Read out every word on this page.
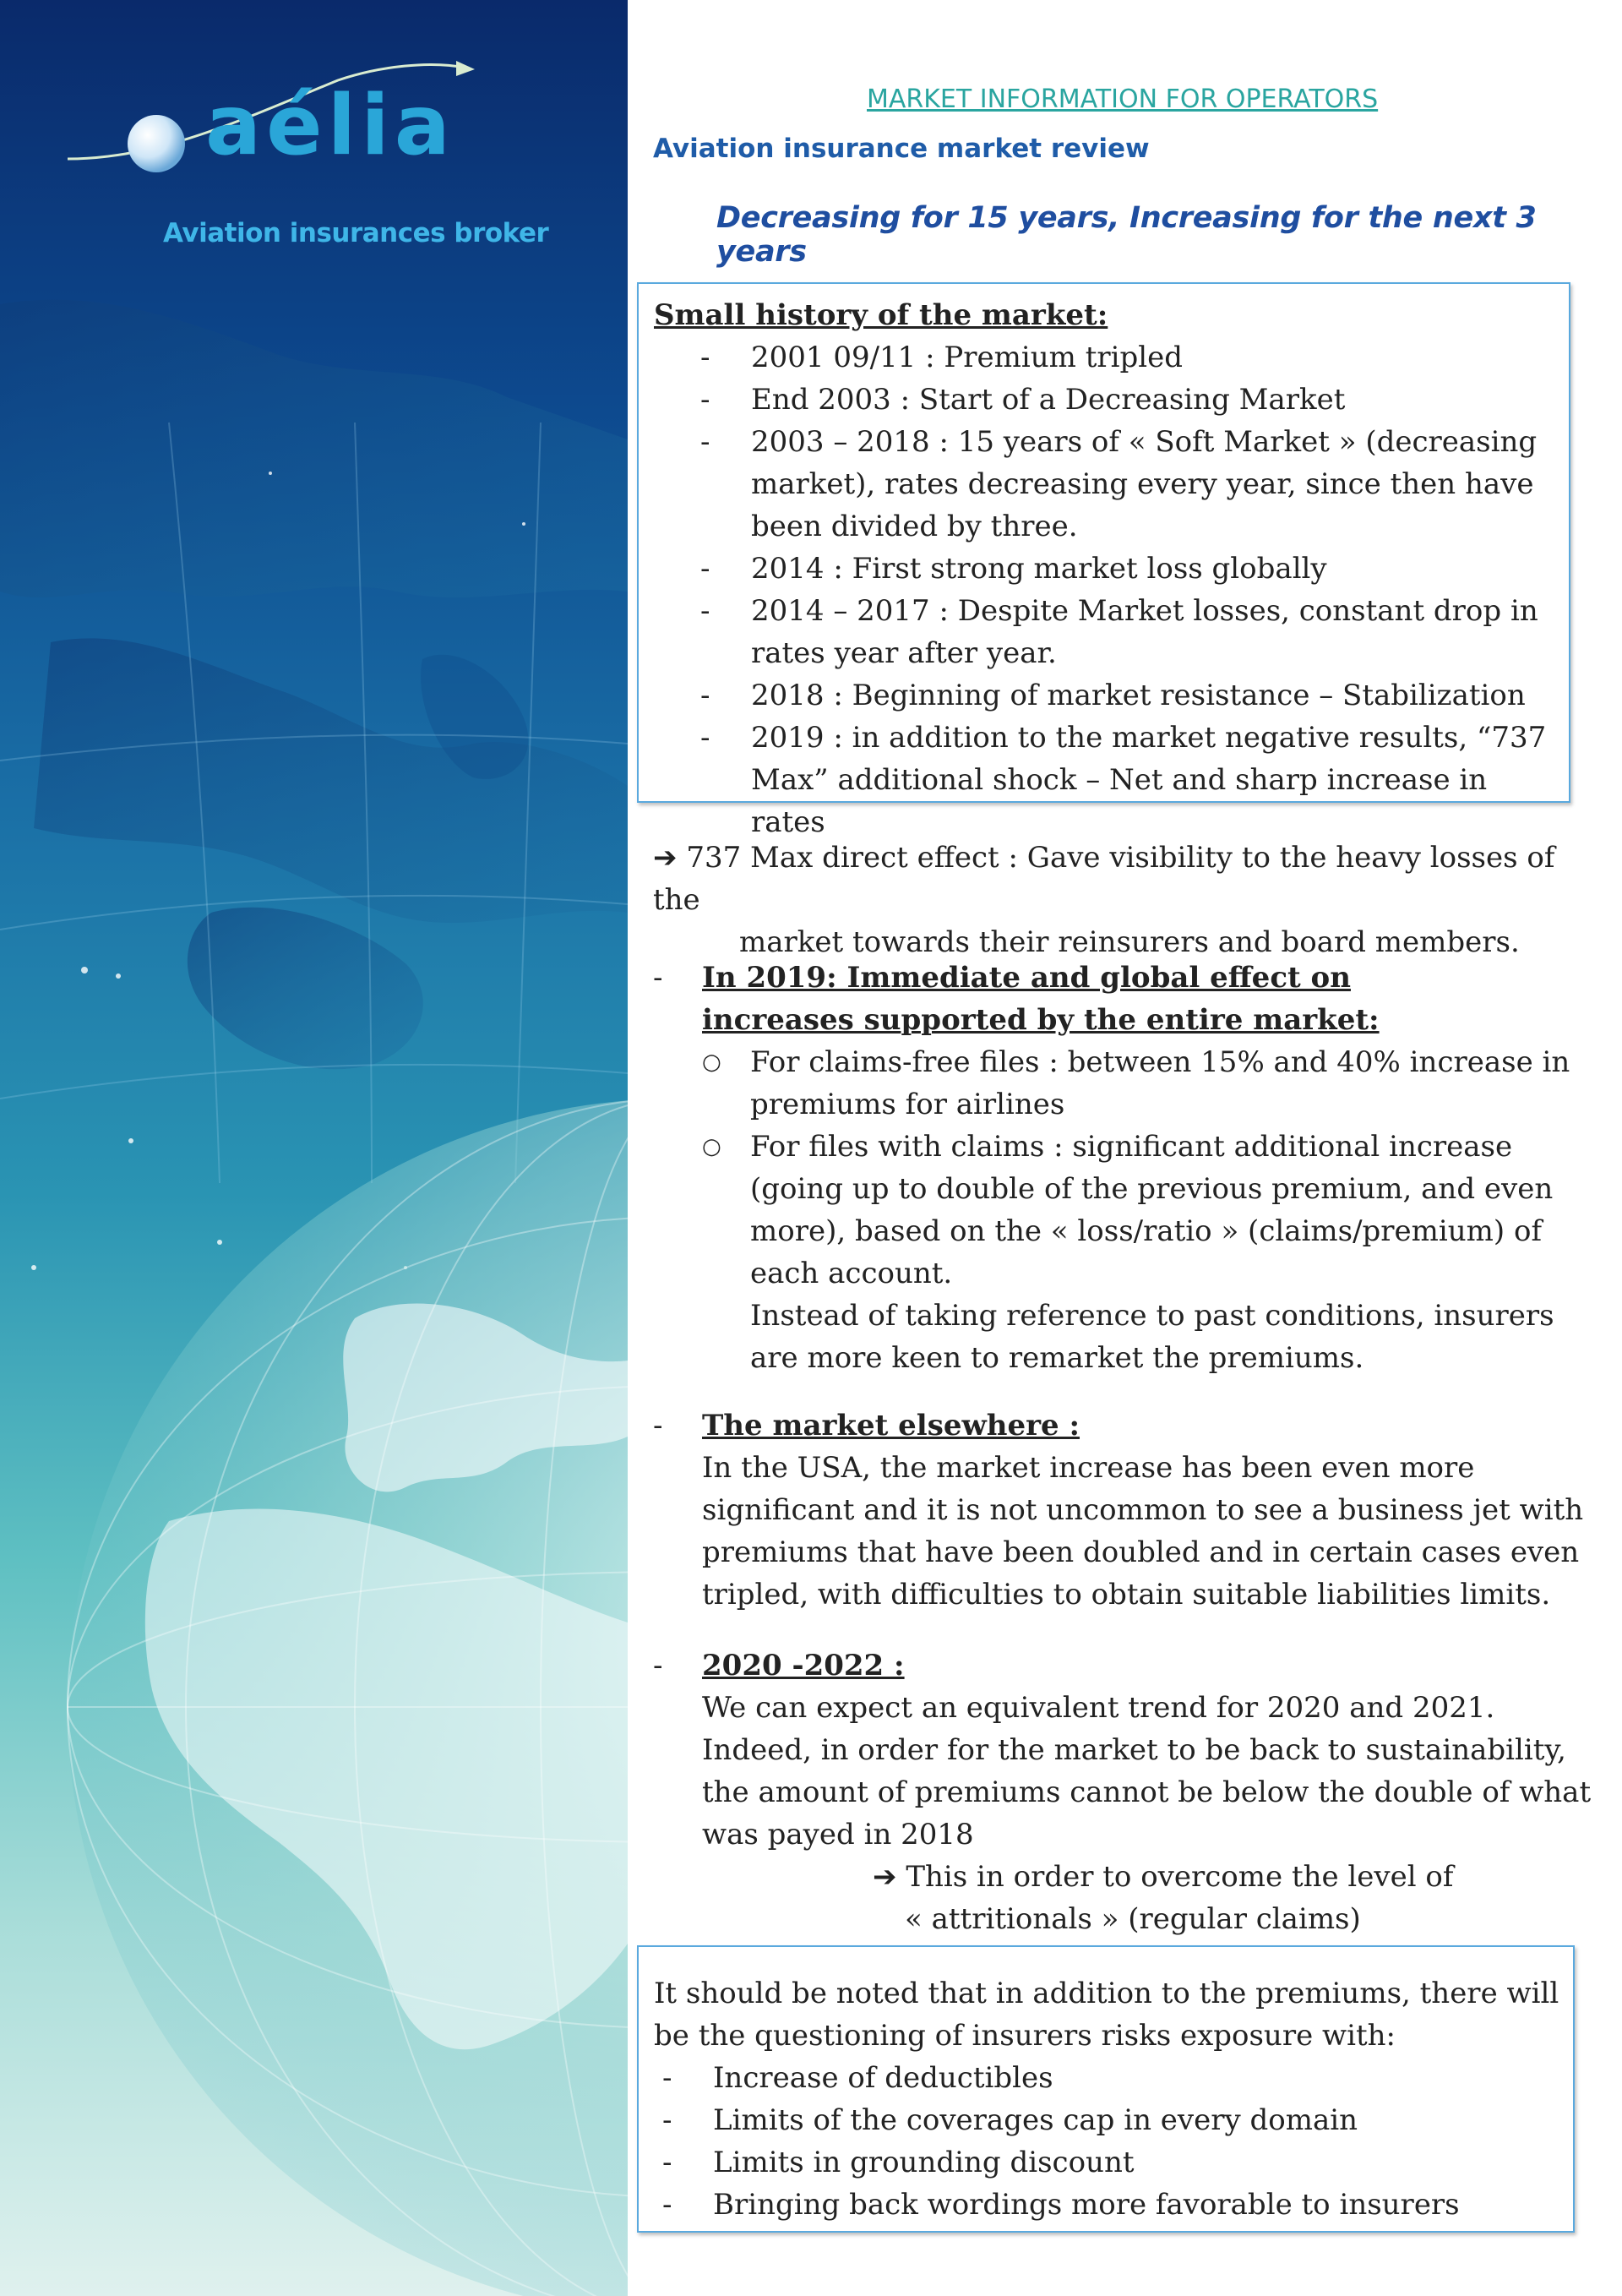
aélia
Aviation insurances broker
MARKET INFORMATION FOR OPERATORS
Aviation insurance market review
Decreasing for 15 years, Increasing for the next 3 years
Small history of the market:
- 2001 09/11 : Premium tripled
- End 2003 : Start of a Decreasing Market
- 2003 – 2018 : 15 years of « Soft Market » (decreasing market), rates decreasing every year, since then have been divided by three.
- 2014 : First strong market loss globally
- 2014 – 2017 : Despite Market losses, constant drop in rates year after year.
- 2018 : Beginning of market resistance – Stabilization
- 2019 : in addition to the market negative results, “737 Max” additional shock – Net and sharp increase in rates
➔ 737 Max direct effect : Gave visibility to the heavy losses of the
market towards their reinsurers and board members.
- In 2019: Immediate and global effect on increases supported by the entire market:
○ For claims-free files : between 15% and 40% increase in premiums for airlines
○ For files with claims : significant additional increase (going up to double of the previous premium, and even more), based on the « loss/ratio » (claims/premium) of each account.
Instead of taking reference to past conditions, insurers are more keen to remarket the premiums.
- The market elsewhere :
In the USA, the market increase has been even more significant and it is not uncommon to see a business jet with premiums that have been doubled and in certain cases even tripled, with difficulties to obtain suitable liabilities limits.
- 2020 -2022 :
We can expect an equivalent trend for 2020 and 2021.
Indeed, in order for the market to be back to sustainability, the amount of premiums cannot be below the double of what was payed in 2018
➔ This in order to overcome the level of
« attritionals » (regular claims)
It should be noted that in addition to the premiums, there will be the questioning of insurers risks exposure with:
- Increase of deductibles
- Limits of the coverages cap in every domain
- Limits in grounding discount
- Bringing back wordings more favorable to insurers
